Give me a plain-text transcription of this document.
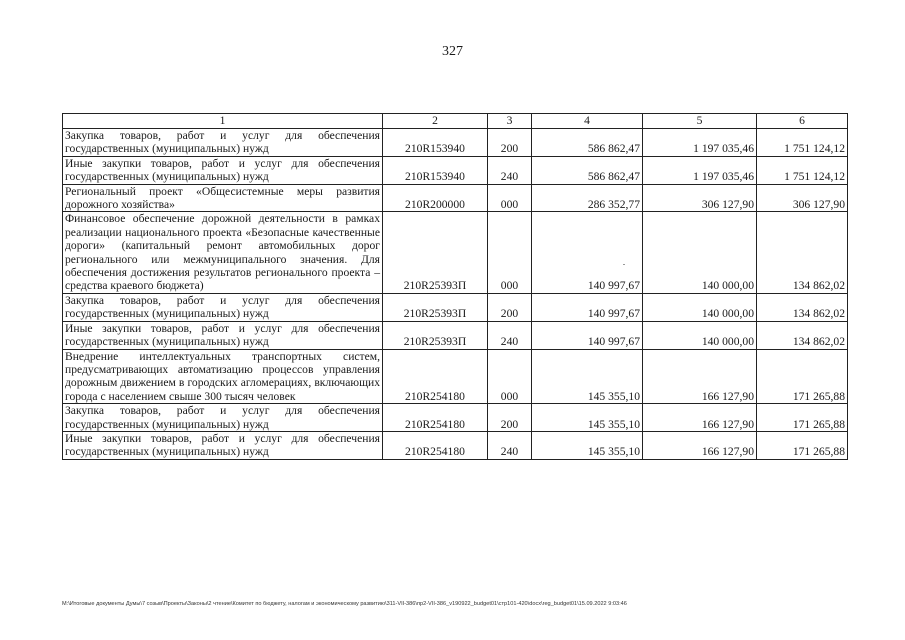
327
1	2	3	4	5	6
Закупка товаров, работ и услуг для обеспечения государственных (муниципальных) нужд	210R153940	200	586 862,47	1 197 035,46	1 751 124,12
Иные закупки товаров, работ и услуг для обеспечения государственных (муниципальных) нужд	210R153940	240	586 862,47	1 197 035,46	1 751 124,12
Региональный проект «Общесистемные меры развития дорожного хозяйства»	210R200000	000	286 352,77	306 127,90	306 127,90
Финансовое обеспечение дорожной деятельности в рамках реализации национального проекта «Безопасные качественные дороги» (капитальный ремонт автомобильных дорог регионального или межмуниципального значения. Для обеспечения достижения результатов регионального проекта – средства краевого бюджета)	210R25393П	000	140 997,67	140 000,00	134 862,02
Закупка товаров, работ и услуг для обеспечения государственных (муниципальных) нужд	210R25393П	200	140 997,67	140 000,00	134 862,02
Иные закупки товаров, работ и услуг для обеспечения государственных (муниципальных) нужд	210R25393П	240	140 997,67	140 000,00	134 862,02
Внедрение интеллектуальных транспортных систем, предусматривающих автоматизацию процессов управления дорожным движением в городских агломерациях, включающих города с населением свыше 300 тысяч человек	210R254180	000	145 355,10	166 127,90	171 265,88
Закупка товаров, работ и услуг для обеспечения государственных (муниципальных) нужд	210R254180	200	145 355,10	166 127,90	171 265,88
Иные закупки товаров, работ и услуг для обеспечения государственных (муниципальных) нужд	210R254180	240	145 355,10	166 127,90	171 265,88
M:\Итоговые документы Думы\7 созыв\Проекты\Законы\2 чтение\Комитет по бюджету, налогам и экономическому развитию\311-VII-386\пр2-VII-386_v190922_budget01\стр101-420\docx\reg_budget01\15.09.2022 9:03:46
